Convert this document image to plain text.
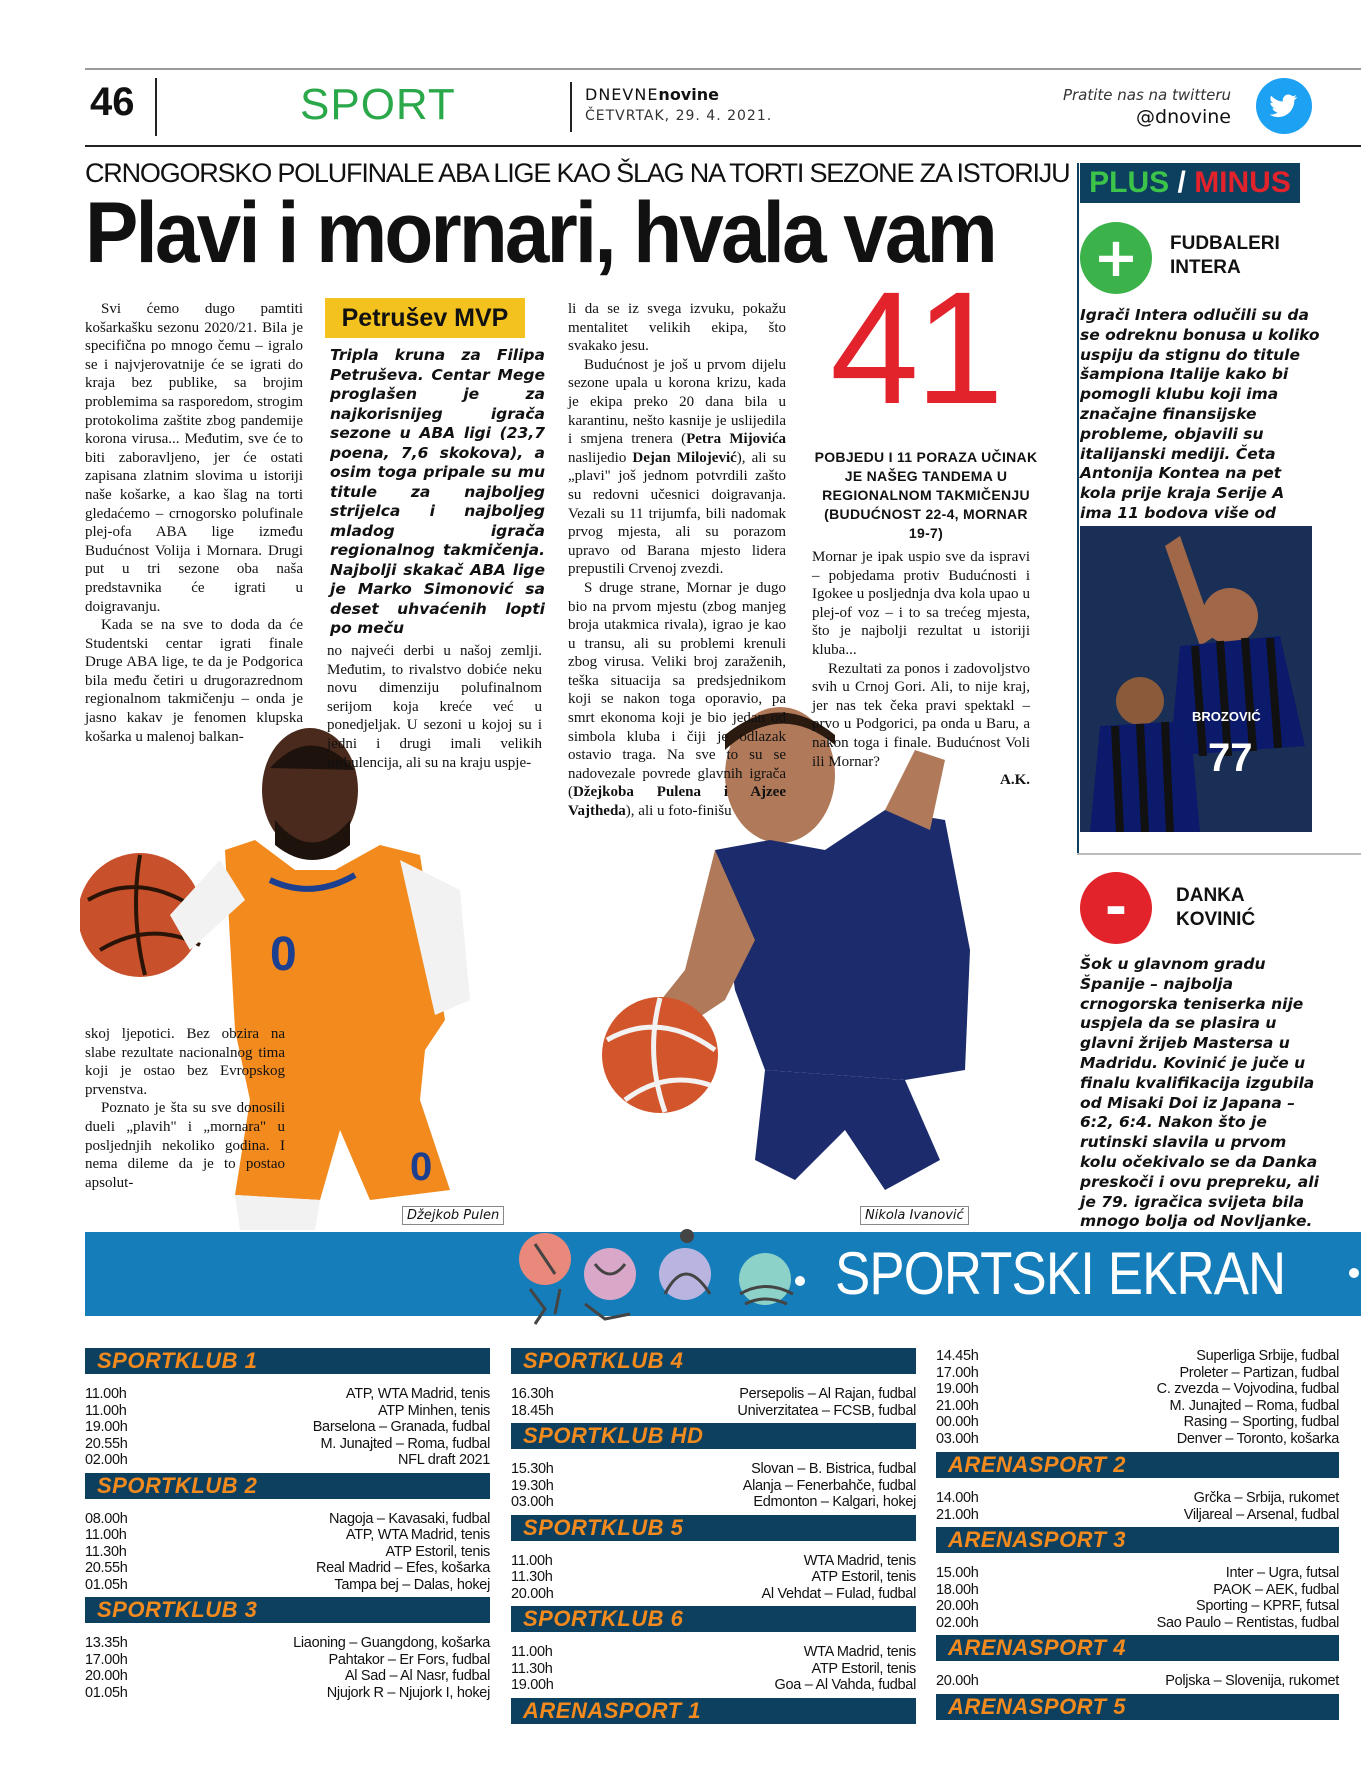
46	SPORT	DNEVNEnovine
ČETVRTAK, 29. 4. 2021.
Pratite nas na twitteru
@dnovine
CRNOGORSKO POLUFINALE ABA LIGE KAO ŠLAG NA TORTI SEZONE ZA ISTORIJU
Plavi i mornari, hvala vam
0
0
Džejkob Pulen	Nikola Ivanović

Svi ćemo dugo pamtiti košarkašku sezonu 2020/21. Bila je specifična po mnogo čemu – igralo se i najvjerovatnije će se igrati do kraja bez publike, sa brojim problemima sa rasporedom, strogim protokolima zaštite zbog pandemije korona virusa... Međutim, sve će to biti zaboravljeno, jer će ostati zapisana zlatnim slovima u istoriji naše košarke, a kao šlag na torti gledaćemo – crnogorsko polufinale plej-ofa ABA lige između Budućnost Volija i Mornara. Drugi put u tri sezone oba naša predstavnika će igrati u doigravanju.

Kada se na sve to doda da će Studentski centar igrati finale Druge ABA lige, te da je Podgorica bila među četiri u drugorazrednom regionalnom takmičenju – onda je jasno kakav je fenomen klupska košarka u malenoj balkan-

skoj ljepotici. Bez obzira na slabe rezultate nacionalnog tima koji je ostao bez Evropskog prvenstva.

Poznato je šta su sve donosili dueli „plavih" i „mornara" u posljednjih nekoliko godina. I nema dileme da je to postao apsolut-

Petrušev MVP
Tripla kruna za Filipa Petruševa. Centar Mege proglašen je za najkorisnijeg igrača sezone u ABA ligi (23,7 poena, 7,6 skokova), a osim toga pripale su mu titule za najboljeg strijelca i najboljeg mladog igrača regionalnog takmičenja. Najbolji skakač ABA lige je Marko Simonović sa deset uhvaćenih lopti po meču

no najveći derbi u našoj zemlji. Međutim, to rivalstvo dobiće neku novu dimenziju polufinalnom serijom koja kreće već u ponedjeljak. U sezoni u kojoj su i jedni i drugi imali velikih turbulencija, ali su na kraju uspje-

li da se iz svega izvuku, pokažu mentalitet velikih ekipa, što svakako jesu.

Budućnost je još u prvom dijelu sezone upala u korona krizu, kada je ekipa preko 20 dana bila u karantinu, nešto kasnije je uslijedila i smjena trenera (Petra Mijovića naslijedio Dejan Milojević), ali su „plavi" još jednom potvrdili zašto su redovni učesnici doigravanja. Vezali su 11 trijumfa, bili nadomak prvog mjesta, ali su porazom upravo od Barana mjesto lidera prepustili Crvenoj zvezdi.

S druge strane, Mornar je dugo bio na prvom mjestu (zbog manjeg broja utakmica rivala), igrao je kao u transu, ali su problemi krenuli zbog virusa. Veliki broj zaraženih, teška situacija sa predsjednikom koji se nakon toga oporavio, pa smrt ekonoma koji je bio jedan od simbola kluba i čiji je odlazak ostavio traga. Na sve to su se nadovezale povrede glavnih igrača (Džejkoba Pulena i Ajzee Vajtheda), ali u foto-finišu

41
POBJEDU I 11 PORAZA UČINAK JE NAŠEG TANDEMA U REGIONALNOM TAKMIČENJU (BUDUĆNOST 22-4, MORNAR 19-7)

Mornar je ipak uspio sve da ispravi – pobjedama protiv Budućnosti i Igokee u posljednja dva kola upao u plej-of voz – i to sa trećeg mjesta, što je najbolji rezultat u istoriji kluba...

Rezultati za ponos i zadovoljstvo svih u Crnoj Gori. Ali, to nije kraj, jer nas tek čeka pravi spektakl – prvo u Podgorici, pa onda u Baru, a nakon toga i finale. Budućnost Voli ili Mornar?

A.K.

PLUS / MINUS
+	FUDBALERI
INTERA
Igrači Intera odlučili su da se odreknu bonusa u koliko uspiju da stignu do titule šampiona Italije kako bi pomogli klubu koji ima značajne finansijske probleme, objavili su italijanski mediji. Četa Antonija Kontea na pet kola prije kraja Serije A ima 11 bodova više od
BROZOVIĆ
77
-	DANKA
KOVINIĆ
Šok u glavnom gradu Španije – najbolja crnogorska teniserka nije uspjela da se plasira u glavni žrijeb Mastersa u Madridu. Kovinić je juče u finalu kvalifikacija izgubila od Misaki Doi iz Japana – 6:2, 6:4. Nakon što je rutinski slavila u prvom kolu očekivalo se da Danka preskoči i ovu prepreku, ali je 79. igračica svijeta bila mnogo bolja od Novljanke.
SPORTSKI EKRAN
SPORTKLUB 1
11.00h	ATP, WTA Madrid, tenis
11.00h	ATP Minhen, tenis
19.00h	Barselona – Granada, fudbal
20.55h	M. Junajted – Roma, fudbal
02.00h	NFL draft 2021
SPORTKLUB 2
08.00h	Nagoja – Kavasaki, fudbal
11.00h	ATP, WTA Madrid, tenis
11.30h	ATP Estoril, tenis
20.55h	Real Madrid – Efes, košarka
01.05h	Tampa bej – Dalas, hokej
SPORTKLUB 3
13.35h	Liaoning – Guangdong, košarka
17.00h	Pahtakor – Er Fors, fudbal
20.00h	Al Sad – Al Nasr, fudbal
01.05h	Njujork R – Njujork I, hokej
SPORTKLUB 4
16.30h	Persepolis – Al Rajan, fudbal
18.45h	Univerzitatea – FCSB, fudbal
SPORTKLUB HD
15.30h	Slovan – B. Bistrica, fudbal
19.30h	Alanja – Fenerbahče, fudbal
03.00h	Edmonton – Kalgari, hokej
SPORTKLUB 5
11.00h	WTA Madrid, tenis
11.30h	ATP Estoril, tenis
20.00h	Al Vehdat – Fulad, fudbal
SPORTKLUB 6
11.00h	WTA Madrid, tenis
11.30h	ATP Estoril, tenis
19.00h	Goa – Al Vahda, fudbal
ARENASPORT 1
14.45h	Superliga Srbije, fudbal
17.00h	Proleter – Partizan, fudbal
19.00h	C. zvezda – Vojvodina, fudbal
21.00h	M. Junajted – Roma, fudbal
00.00h	Rasing – Sporting, fudbal
03.00h	Denver – Toronto, košarka
ARENASPORT 2
14.00h	Grčka – Srbija, rukomet
21.00h	Viljareal – Arsenal, fudbal
ARENASPORT 3
15.00h	Inter – Ugra, futsal
18.00h	PAOK – AEK, fudbal
20.00h	Sporting – KPRF, futsal
02.00h	Sao Paulo – Rentistas, fudbal
ARENASPORT 4
20.00h	Poljska – Slovenija, rukomet
ARENASPORT 5
